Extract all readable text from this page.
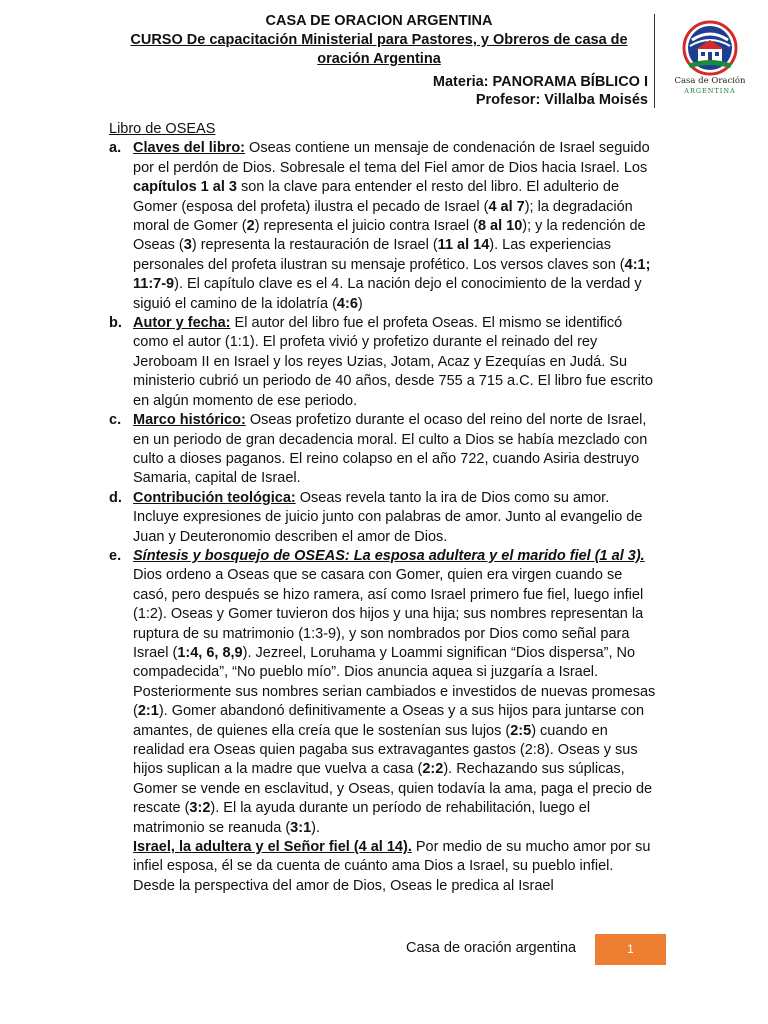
CASA DE ORACION ARGENTINA
CURSO De capacitación Ministerial para Pastores, y Obreros de casa de oración Argentina
Materia: PANORAMA BÍBLICO I
Profesor: Villalba Moisés
Casa de Oración
ARGENTINA
Libro de OSEAS
a. Claves del libro: Oseas contiene un mensaje de condenación de Israel seguido por el perdón de Dios. Sobresale el tema del Fiel amor de Dios hacia Israel. Los capítulos 1 al 3 son la clave para entender el resto del libro. El adulterio de Gomer (esposa del profeta) ilustra el pecado de Israel (4 al 7); la degradación moral de Gomer (2) representa el juicio contra Israel (8 al 10); y la redención de Oseas (3) representa la restauración de Israel (11 al 14). Las experiencias personales del profeta ilustran su mensaje profético. Los versos claves son (4:1; 11:7-9). El capítulo clave es el 4. La nación dejo el conocimiento de la verdad y siguió el camino de la idolatría (4:6)
b. Autor y fecha: El autor del libro fue el profeta Oseas. El mismo se identificó como el autor (1:1). El profeta vivió y profetizo durante el reinado del rey Jeroboam II en Israel y los reyes Uzias, Jotam, Acaz y Ezequías en Judá. Su ministerio cubrió un periodo de 40 años, desde 755 a 715 a.C. El libro fue escrito en algún momento de ese periodo.
c. Marco histórico: Oseas profetizo durante el ocaso del reino del norte de Israel, en un periodo de gran decadencia moral. El culto a Dios se había mezclado con culto a dioses paganos. El reino colapso en el año 722, cuando Asiria destruyo Samaria, capital de Israel.
d. Contribución teológica: Oseas revela tanto la ira de Dios como su amor. Incluye expresiones de juicio junto con palabras de amor. Junto al evangelio de Juan y Deuteronomio describen el amor de Dios.
e. Síntesis y bosquejo de OSEAS: La esposa adultera y el marido fiel (1 al 3). Dios ordeno a Oseas que se casara con Gomer, quien era virgen cuando se casó, pero después se hizo ramera, así como Israel primero fue fiel, luego infiel (1:2). Oseas y Gomer tuvieron dos hijos y una hija; sus nombres representan la ruptura de su matrimonio (1:3-9), y son nombrados por Dios como señal para Israel (1:4, 6, 8,9). Jezreel, Loruhama y Loammi significan “Dios dispersa”, No compadecida”, “No pueblo mío”. Dios anuncia aquea si juzgaría a Israel. Posteriormente sus nombres serian cambiados e investidos de nuevas promesas (2:1). Gomer abandonó definitivamente a Oseas y a sus hijos para juntarse con amantes, de quienes ella creía que le sostenían sus lujos (2:5) cuando en realidad era Oseas quien pagaba sus extravagantes gastos (2:8). Oseas y sus hijos suplican a la madre que vuelva a casa (2:2). Rechazando sus súplicas, Gomer se vende en esclavitud, y Oseas, quien todavía la ama, paga el precio de rescate (3:2). El la ayuda durante un período de rehabilitación, luego el matrimonio se reanuda (3:1).
Israel, la adultera y el Señor fiel (4 al 14). Por medio de su mucho amor por su infiel esposa, él se da cuenta de cuánto ama Dios a Israel, su pueblo infiel. Desde la perspectiva del amor de Dios, Oseas le predica al Israel
Casa de oración argentina	1
